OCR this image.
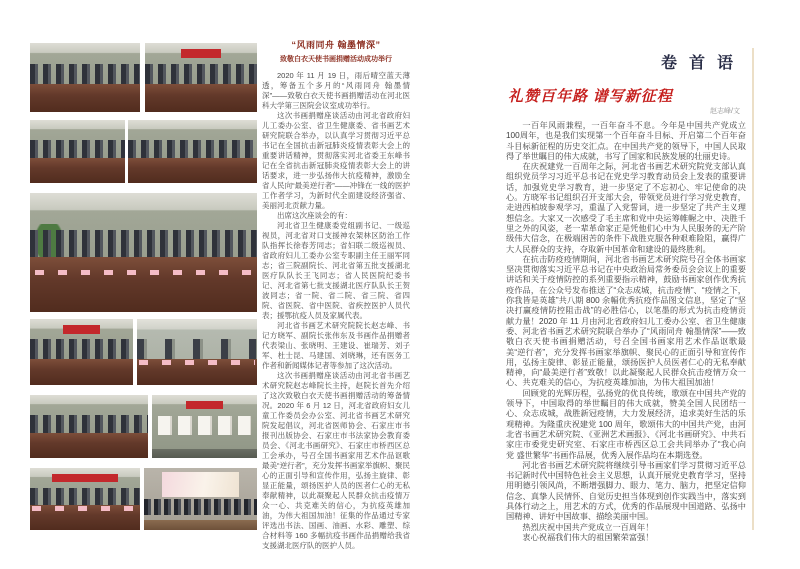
“风雨同舟 翰墨情深”
致敬白衣天使书画捐赠活动成功举行

2020 年 11 月 19 日，雨后晴空蓝天薄透，筹备五个多月的“风雨同舟 翰墨情深”——致敬白衣天使书画捐赠活动在河北医科大学第三医院会议室成功举行。

这次书画捐赠座谈活动由河北省政府妇儿工委办公室、省卫生健康委、省书画艺术研究院联合举办，以认真学习贯彻习近平总书记在全国抗击新冠肺炎疫情表彰大会上的重要讲话精神，贯彻落实河北省委王东峰书记在全省抗击新冠肺炎疫情表彰大会上的讲话要求，进一步弘扬伟大抗疫精神，激励全省人民向“最美逆行者”——冲锋在一线的医护工作者学习，为新时代全面建设经济强省、美丽河北贡献力量。

出席这次座谈会的有：

河北省卫生健康委党组副书记、一级巡视员，河北省对口支援神农架林区防治工作队指挥长徐春芳同志；省妇联二级巡视员、省政府妇儿工委办公室专职副主任王丽军同志；省三院副院长、河北省第五批支援湖北医疗队队长王飞同志；省人民医院纪委书记、河北省第七批支援湖北医疗队队长王贺波同志；省一院、省二院、省三院、省四院、省医院、省中医院、省疾控医护人员代表；援鄂抗疫人员及家属代表。

河北省书画艺术研究院院长赵志峰、书记方晓军、副院长张伟东及书画作品捐赠者代表梁山、张晓明、王建设、崔瑞芳、刘子军、杜士昆、马建国、刘晓琳，还有医务工作者和新闻媒体记者等参加了这次活动。

这次书画捐赠座谈活动由河北省书画艺术研究院赵志峰院长主持，赵院长首先介绍了这次致敬白衣天使书画捐赠活动的筹备情况。2020 年 6 月 12 日，河北省政府妇女儿童工作委员会办公室、河北省书画艺术研究院发起倡议，河北省医师协会、石家庄市书报刊出版协会、石家庄市书法家协会教育委员会、《河北书画研究》、石家庄市桥西区总工会承办，号召全国书画家用艺术作品讴歌最美“逆行者”，充分发挥书画家举旗帜、聚民心的正面引导和宣传作用，弘扬主旋律、彰显正能量，颂扬医护人员的医者仁心的无私奉献精神，以此凝聚起人民群众抗击疫情万众一心、共克难关的信心，为抗疫英雄加油，为伟大祖国加油！征集的作品通过专家评选出书法、国画、油画、水彩、雕塑、综合材料等 160 多幅抗疫书画作品捐赠给我省支援湖北医疗队的医护人员。

卷首语
礼赞百年路 谱写新征程
赵志峰/文

一百年风雨兼程，一百年奋斗不息。今年是中国共产党成立100周年，也是我们实现第一个百年奋斗目标、开启第二个百年奋斗目标新征程的历史交汇点。在中国共产党的领导下，中国人民取得了举世瞩目的伟大成就，书写了国家和民族发展的壮丽史诗。

在庆祝建党一百周年之际，河北省书画艺术研究院党支部认真组织党员学习习近平总书记在党史学习教育动员会上发表的重要讲话，加强党史学习教育，进一步坚定了不忘初心、牢记使命的决心。方晓军书记组织召开支部大会，带领党员进行学习党史教育，走进西柏坡参观学习，重温了入党誓词，进一步坚定了共产主义理想信念。大家又一次感受了毛主席和党中央运筹帷幄之中、决胜千里之外的风姿，老一辈革命家正是凭他们心中为人民服务的无产阶级伟大信念，在极端困苦的条件下战胜克服各种艰难险阻，赢得广大人民群众的支持，夺取新中国革命和建设的最终胜利。

在抗击防疫疫情期间，河北省书画艺术研究院号召全体书画家坚决贯彻落实习近平总书记在中央政治局常务委员会会议上的重要讲话和关于疫情防控的系列重要指示精神，鼓励书画家创作优秀抗疫作品，在公众号发布推送了“众志成城，抗击疫情”、“疫情之下，你我皆是英雄”共八期 800 余幅优秀抗疫作品图文信息，坚定了“坚决打赢疫情防控阻击战”的必胜信心，以笔墨的形式为抗击疫情贡献力量！2020 年 11 月由河北省政府妇儿工委办公室、省卫生健康委、河北省书画艺术研究院联合举办了“风雨同舟 翰墨情深”——致敬白衣天使书画捐赠活动，号召全国书画家用艺术作品讴歌最美“逆行者”，充分发挥书画家举旗帜、聚民心的正面引导和宣传作用，弘扬主旋律、彰显正能量，颂扬医护人员医者仁心的无私奉献精神，向“最美逆行者”致敬！以此凝聚起人民群众抗击疫情万众一心、共克难关的信心，为抗疫英雄加油，为伟大祖国加油！

回顾党的光辉历程，弘扬党的优良传统，歌颂在中国共产党的领导下，中国取得的举世瞩目的伟大成就，赞美全国人民团结一心、众志成城，战胜新冠疫情，大力发展经济，追求美好生活的乐观精神。为隆重庆祝建党 100 周年，歌颂伟大的中国共产党，由河北省书画艺术研究院、《亚洲艺术画报》、《河北书画研究》、中共石家庄市委党史研究室、石家庄市桥西区总工会共同举办了“我心向党 盛世繁华”书画作品展，优秀入展作品均在本期选登。

河北省书画艺术研究院将继续引导书画家们学习贯彻习近平总书记新时代中国特色社会主义思想，认真开展党史教育学习，坚持用明德引领风尚，不断增强脚力、眼力、笔力、脑力，把坚定信仰信念、真挚人民情怀、自觉历史担当体现到创作实践当中，落实到具体行动之上，用艺术的方式，优秀的作品展现中国道路、弘扬中国精神、讲好中国故事、描绘美丽中国。

热烈庆祝中国共产党成立一百周年！

衷心祝福我们伟大的祖国繁荣富强！
